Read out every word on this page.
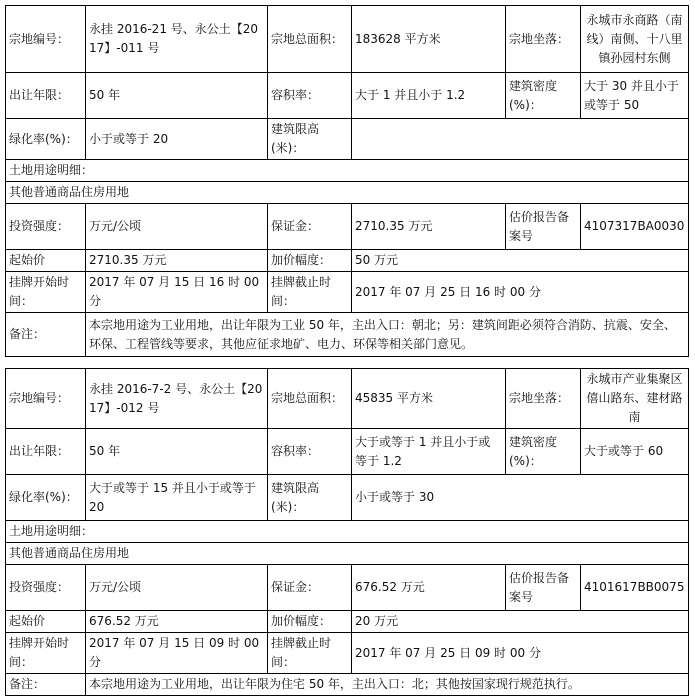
宗地编号：	永挂 2016-21 号、永公土【2017】-011 号	宗地总面积：	183628 平方米	宗地坐落：	永城市永商路（南线）南侧、十八里镇孙园村东侧
出让年限：	50 年	容积率：	大于 1 并且小于 1.2	建筑密度(%)：	大于 30 并且小于或等于 50
绿化率(%)：	小于或等于 20	建筑限高(米)：			
土地用途明细：					
其他普通商品住房用地					
投资强度：	万元/公顷	保证金：	2710.35 万元	估价报告备案号	4107317BA0030
起始价	2710.35 万元	加价幅度：	50 万元		
挂牌开始时间：	2017 年 07 月 15 日 16 时 00 分	挂牌截止时间：	2017 年 07 月 25 日 16 时 00 分		
备注：	本宗地用途为工业用地，出让年限为工业 50 年，主出入口：朝北；另：建筑间距必须符合消防、抗震、安全、环保、工程管线等要求，其他应征求地矿、电力、环保等相关部门意见。				
宗地编号：	永挂 2016-7-2 号、永公土【2017】-012 号	宗地总面积：	45835 平方米	宗地坐落：	永城市产业集聚区僖山路东、建材路南
出让年限：	50 年	容积率：	大于或等于 1 并且小于或等于 1.2	建筑密度(%)：	大于或等于 60
绿化率(%)：	大于或等于 15 并且小于或等于 20	建筑限高(米)：	小于或等于 30		
土地用途明细：					
其他普通商品住房用地					
投资强度：	万元/公顷	保证金：	676.52 万元	估价报告备案号	4101617BB0075
起始价	676.52 万元	加价幅度：	20 万元		
挂牌开始时间：	2017 年 07 月 15 日 09 时 00 分	挂牌截止时间：	2017 年 07 月 25 日 09 时 00 分		
备注：	本宗地用途为工业用地，出让年限为住宅 50 年，主出入口：北；其他按国家现行规范执行。				
